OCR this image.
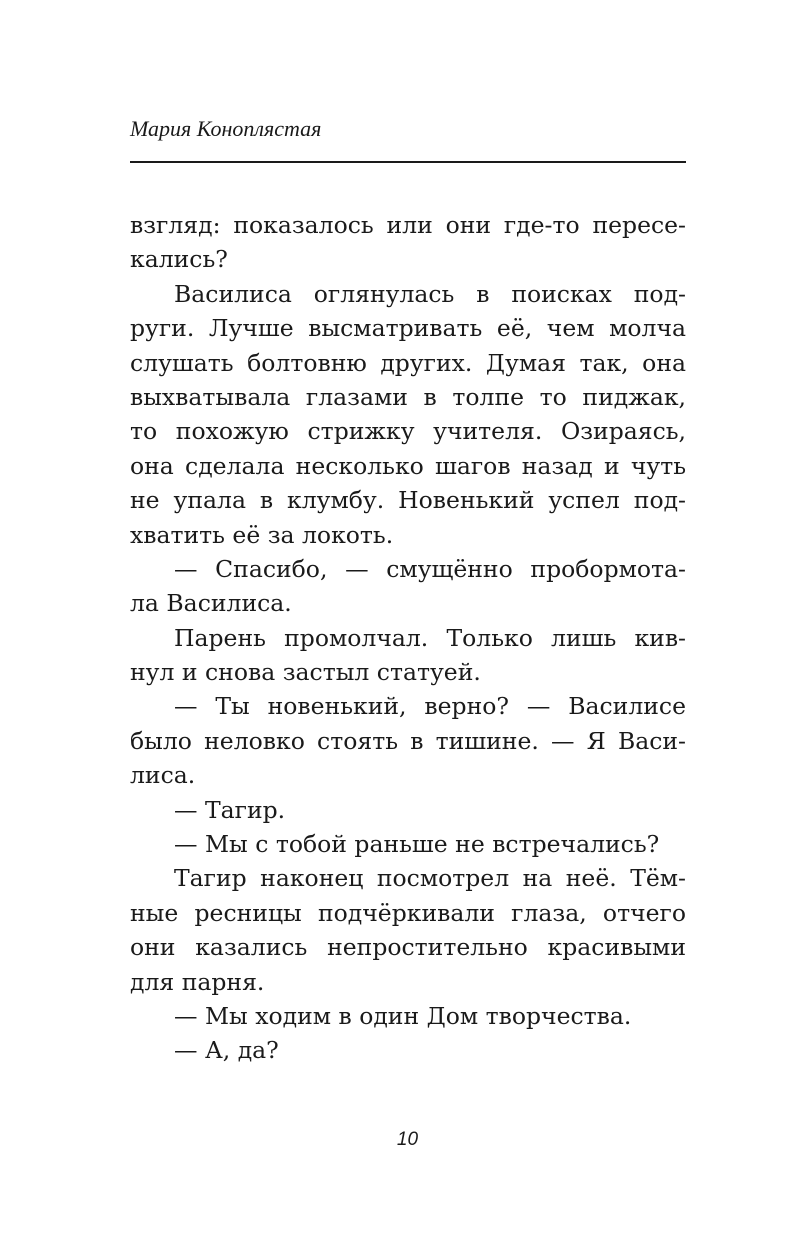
Мария Коноплястая
взгляд: показалось или они где-то пересе-
кались?
Василиса оглянулась в поисках под-
руги. Лучше высматривать её, чем молча
слушать болтовню других. Думая так, она
выхватывала глазами в толпе то пиджак,
то похожую стрижку учителя. Озираясь,
она сделала несколько шагов назад и чуть
не упала в клумбу. Новенький успел под-
хватить её за локоть.
— Спасибо, — смущённо пробормота-
ла Василиса.
Парень промолчал. Только лишь кив-
нул и снова застыл статуей.
— Ты новенький, верно? — Василисе
было неловко стоять в тишине. — Я Васи-
лиса.
— Тагир.
— Мы с тобой раньше не встречались?
Тагир наконец посмотрел на неё. Тём-
ные ресницы подчёркивали глаза, отчего
они казались непростительно красивыми
для парня.
— Мы ходим в один Дом творчества.
— А, да?
10
